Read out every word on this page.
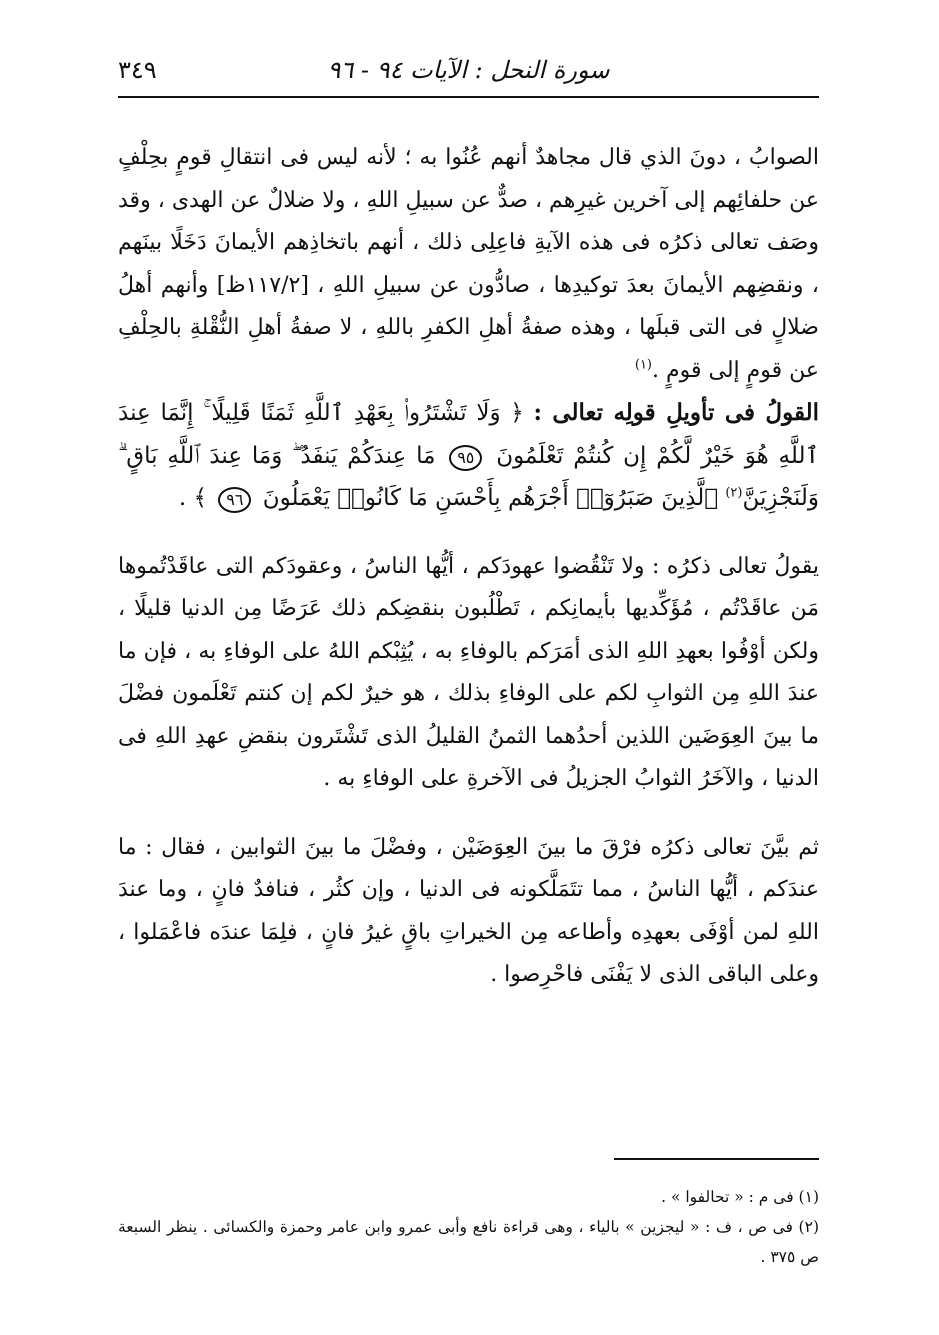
سورة النحل : الآيات ٩٤ - ٩٦
٣٤٩

الصوابُ ، دونَ الذي قال مجاهدٌ أنهم عُنُوا به ؛ لأنه ليس فى انتقالِ قومٍ بحِلْفٍ عن حلفائِهم إلى آخرين غيرِهم ، صدٌّ عن سبيلِ اللهِ ، ولا ضلالٌ عن الهدى ، وقد وصَف تعالى ذكرُه فى هذه الآيةِ فاعِلِى ذلك ، أنهم باتخاذِهم الأيمانَ دَخَلًا بينَهم ، ونقضِهم الأيمانَ بعدَ توكيدِها ، صادُّون عن سبيلِ اللهِ ، [١١٧/٢ظ] وأنهم أهلُ ضلالٍ فى التى قبلَها ، وهذه صفةُ أهلِ الكفرِ باللهِ ، لا صفةُ أهلِ النُّقْلةِ بالحِلْفِ عن قومٍ إلى قومٍ .$^{(١)}$

القولُ فى تأويلِ قولِه تعالى : ﴿ وَلَا تَشْتَرُوا۟ بِعَهْدِ ٱللَّهِ ثَمَنًا قَلِيلًا ۚ إِنَّمَا عِندَ ٱللَّهِ هُوَ خَيْرٌ لَّكُمْ إِن كُنتُمْ تَعْلَمُونَ ٩٥ مَا عِندَكُمْ يَنفَدُ ۖ وَمَا عِندَ ٱللَّهِ بَاقٍ ۗ وَلَنَجْزِيَنَّ$^{(٢)}$ ٱلَّذِينَ صَبَرُوٓا۟ أَجْرَهُم بِأَحْسَنِ مَا كَانُوا۟ يَعْمَلُونَ ٩٦ ﴾ .

يقولُ تعالى ذكرُه : ولا تَنْقُضوا عهودَكم ، أيُّها الناسُ ، وعقودَكم التى عاقَدْتُموها مَن عاقَدْتُم ، مُؤَكِّديها بأيمانِكم ، تَطْلُبون بنقضِكم ذلك عَرَضًا مِن الدنيا قليلًا ، ولكن أوْفُوا بعهدِ اللهِ الذى أمَرَكم بالوفاءِ به ، يُثِبْكم اللهُ على الوفاءِ به ، فإن ما عندَ اللهِ مِن الثوابِ لكم على الوفاءِ بذلك ، هو خيرٌ لكم إن كنتم تَعْلَمون فضْلَ ما بينَ العِوَضَين اللذين أحدُهما الثمنُ القليلُ الذى تَشْتَرون بنقضِ عهدِ اللهِ فى الدنيا ، والآخَرُ الثوابُ الجزيلُ فى الآخرةِ على الوفاءِ به .

ثم بيَّنَ تعالى ذكرُه فرْقَ ما بينَ العِوَضَيْن ، وفضْلَ ما بينَ الثوابين ، فقال : ما عندَكم ، أيُّها الناسُ ، مما تتَمَلَّكونه فى الدنيا ، وإن كثُر ، فنافدٌ فانٍ ، وما عندَ اللهِ لمن أوْفَى بعهدِه وأطاعه مِن الخيراتِ باقٍ غيرُ فانٍ ، فلِمَا عندَه فاعْمَلوا ، وعلى الباقى الذى لا يَفْنَى فاحْرِصوا .

(١) فى م : « تحالفوا » .

(٢) فى ص ، ف : « ليجزين » بالياء ، وهى قراءة نافع وأبى عمرو وابن عامر وحمزة والكسائى . ينظر السبعة ص ٣٧٥ .
